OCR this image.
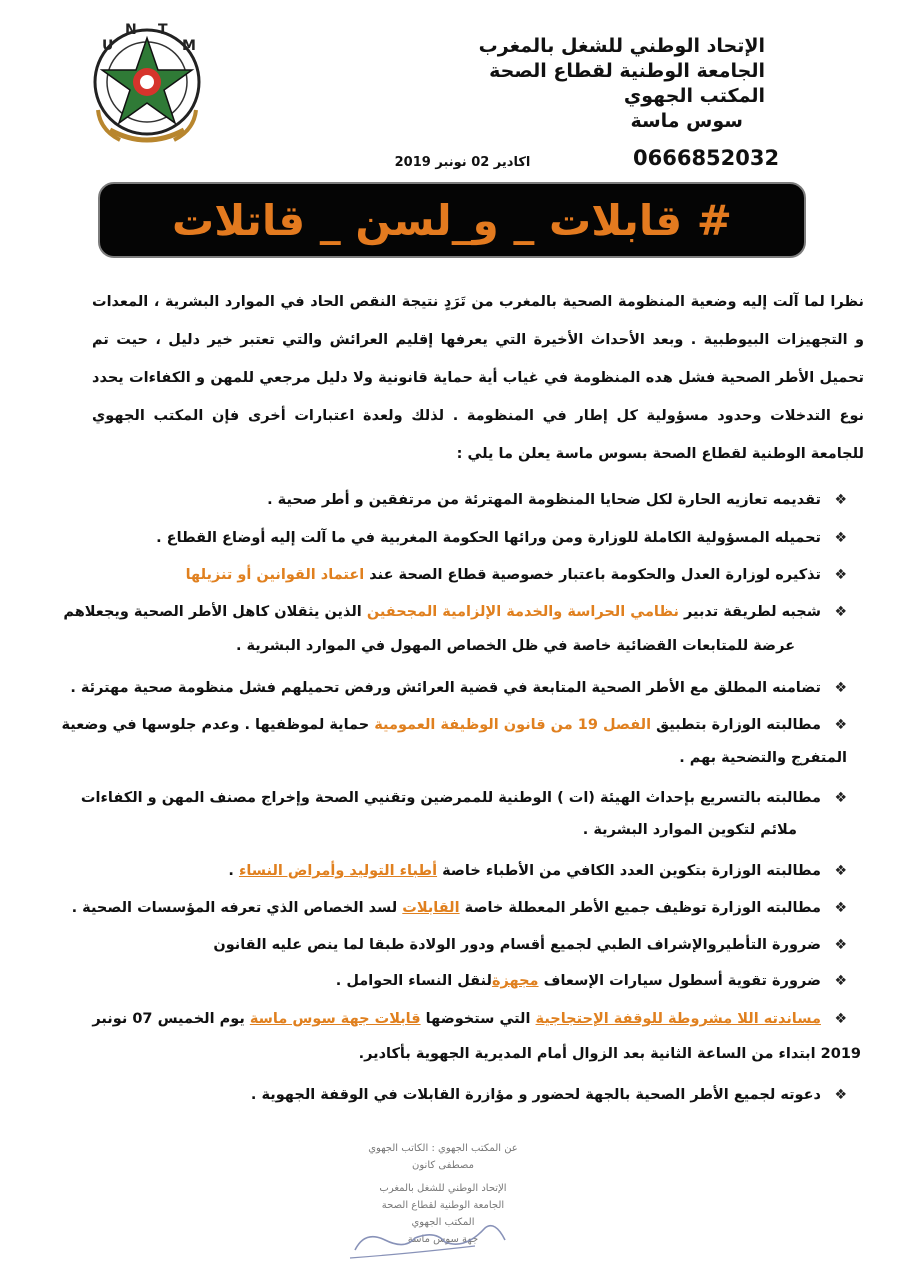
الإتحاد الوطني للشغل بالمغرب
الجامعة الوطنية لقطاع الصحة
المكتب الجهوي
سوس ماسة
0666852032
اكادير 02 نونبر 2019
U
N T
M
# قابلات _ و_لسن _ قاتلات
نظرا لما آلت إليه وضعية المنظومة الصحية بالمغرب من تَرَدٍ نتيجة النقص الحاد في الموارد البشرية ، المعدات و التجهيزات البيوطبية . وبعد الأحداث الأخيرة التي يعرفها إقليم العرائش والتي تعتبر خير دليل ، حيت تم تحميل الأطر الصحية فشل هده المنظومة في غياب أية حماية قانونية ولا دليل مرجعي للمهن و الكفاءات يحدد نوع التدخلات وحدود مسؤولية كل إطار في المنظومة . لذلك ولعدة اعتبارات أخرى فإن المكتب الجهوي للجامعة الوطنية لقطاع الصحة بسوس ماسة يعلن ما يلي :
❖تقديمه تعازيه الحارة لكل ضحايا المنظومة المهترئة من مرتفقين و أطر صحية .
❖تحميله المسؤولية الكاملة للوزارة ومن ورائها الحكومة المغربية في ما آلت إليه أوضاع القطاع .
❖تذكيره لوزارة العدل والحكومة باعتبار خصوصية قطاع الصحة عند اعتماد القوانين أو تنزيلها
❖شجبه لطريقة تدبير نظامي الحراسة والخدمة الإلزامية المجحفين الذين يثقلان كاهل الأطر الصحية ويجعلاهم
عرضة للمتابعات القضائية خاصة في ظل الخصاص المهول في الموارد البشرية .
❖تضامنه المطلق مع الأطر الصحية المتابعة في قضية العرائش ورفض تحميلهم فشل منظومة صحية مهترئة .
❖مطالبته الوزارة بتطبيق الفصل 19 من قانون الوظيفة العمومية حماية لموظفيها . وعدم جلوسها في وضعية
المتفرج والتضحية بهم .
❖مطالبته بالتسريع بإحداث الهيئة (ات ) الوطنية للممرضين وتقنيي الصحة وإخراج مصنف المهن و الكفاءات
ملائم لتكوين الموارد البشرية .
❖مطالبته الوزارة بتكوين العدد الكافي من الأطباء خاصة أطباء التوليد وأمراض النساء .
❖مطالبته الوزارة توظيف جميع الأطر المعطلة خاصة القابلات لسد الخصاص الذي تعرفه المؤسسات الصحية .
❖ضرورة التأطيروالإشراف الطبي لجميع أقسام ودور الولادة طبقا لما ينص عليه القانون
❖ضرورة تقوية أسطول سيارات الإسعاف مجهزةلنقل النساء الحوامل .
❖مساندته اللا مشروطة للوقفة الإحتجاجية التي ستخوضها قابلات جهة سوس ماسة يوم الخميس 07 نونبر
2019 ابتداء من الساعة الثانية بعد الزوال أمام المديرية الجهوية بأكادير.
❖دعوته لجميع الأطر الصحية بالجهة لحضور و مؤازرة القابلات في الوقفة الجهوية .
عن المكتب الجهوي : الكاتب الجهوي
مصطفى كانون
الإتحاد الوطني للشغل بالمغرب
الجامعة الوطنية لقطاع الصحة
المكتب الجهوي
جهة سوس ماسة
